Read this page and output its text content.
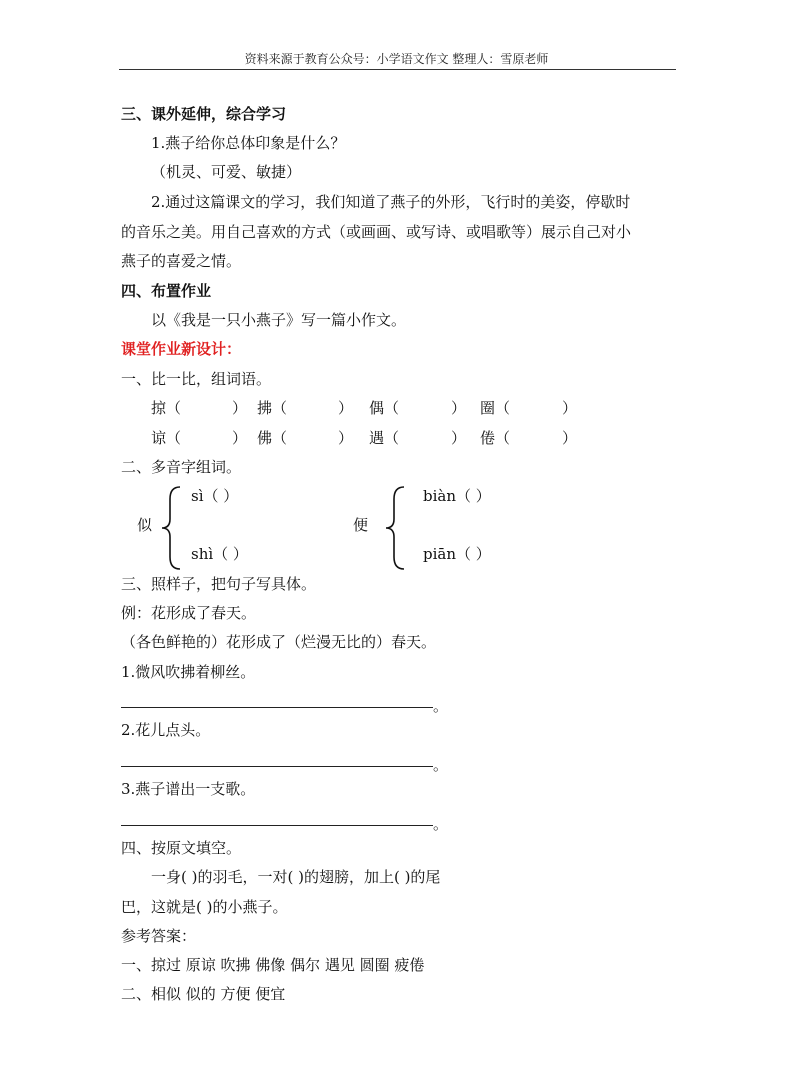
资料来源于教育公众号：小学语文作文 整理人：雪原老师
三、课外延伸，综合学习
1.燕子给你总体印象是什么？
（机灵、可爱、敏捷）
2.通过这篇课文的学习，我们知道了燕子的外形，飞行时的美姿，停歇时
的音乐之美。用自己喜欢的方式（或画画、或写诗、或唱歌等）展示自己对小
燕子的喜爱之情。
四、布置作业
以《我是一只小燕子》写一篇小作文。
课堂作业新设计：
一、比一比，组词语。
掠（	） 拂（	） 偶（	） 圈（	）
谅（	） 佛（	） 遇（	） 倦（	）
二、多音字组词。
似
sì（ ）
shì（ ）
便
biàn（ ）
piān（ ）
三、照样子，把句子写具体。
例：花形成了春天。
（各色鲜艳的）花形成了（烂漫无比的）春天。
1.微风吹拂着柳丝。
。
2.花儿点头。
。
3.燕子谱出一支歌。
。
四、按原文填空。
一身( )的羽毛，一对( )的翅膀，加上( )的尾
巴，这就是( )的小燕子。
参考答案：
一、掠过 原谅 吹拂 佛像 偶尔 遇见 圆圈 疲倦
二、相似 似的 方便 便宜
